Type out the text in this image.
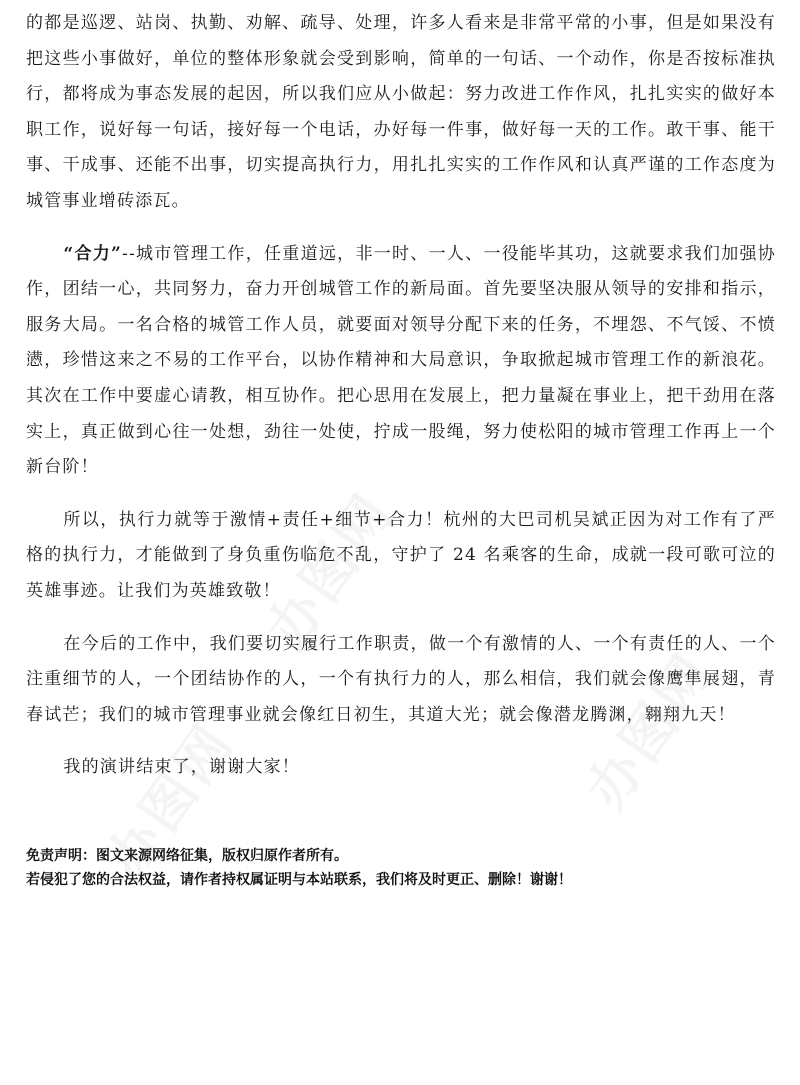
的都是巡逻、站岗、执勤、劝解、疏导、处理，许多人看来是非常平常的小事，但是如果没有把这些小事做好，单位的整体形象就会受到影响，简单的一句话、一个动作，你是否按标准执行，都将成为事态发展的起因，所以我们应从小做起：努力改进工作作风，扎扎实实的做好本职工作，说好每一句话，接好每一个电话，办好每一件事，做好每一天的工作。敢干事、能干事、干成事、还能不出事，切实提高执行力，用扎扎实实的工作作风和认真严谨的工作态度为城管事业增砖添瓦。

“合力”--城市管理工作，任重道远，非一时、一人、一役能毕其功，这就要求我们加强协作，团结一心，共同努力，奋力开创城管工作的新局面。首先要坚决服从领导的安排和指示，服务大局。一名合格的城管工作人员，就要面对领导分配下来的任务，不埋怨、不气馁、不愤懑，珍惜这来之不易的工作平台，以协作精神和大局意识，争取掀起城市管理工作的新浪花。其次在工作中要虚心请教，相互协作。把心思用在发展上，把力量凝在事业上，把干劲用在落实上，真正做到心往一处想，劲往一处使，拧成一股绳，努力使松阳的城市管理工作再上一个新台阶！

所以，执行力就等于激情+责任+细节+合力！杭州的大巴司机吴斌正因为对工作有了严格的执行力，才能做到了身负重伤临危不乱，守护了 24 名乘客的生命，成就一段可歌可泣的英雄事迹。让我们为英雄致敬！

在今后的工作中，我们要切实履行工作职责，做一个有激情的人、一个有责任的人、一个注重细节的人，一个团结协作的人，一个有执行力的人，那么相信，我们就会像鹰隼展翅，青春试芒；我们的城市管理事业就会像红日初生，其道大光；就会像潜龙腾渊，翱翔九天！

我的演讲结束了，谢谢大家！

免责声明：图文来源网络征集，版权归原作者所有。
若侵犯了您的合法权益，请作者持权属证明与本站联系，我们将及时更正、删除！谢谢！
